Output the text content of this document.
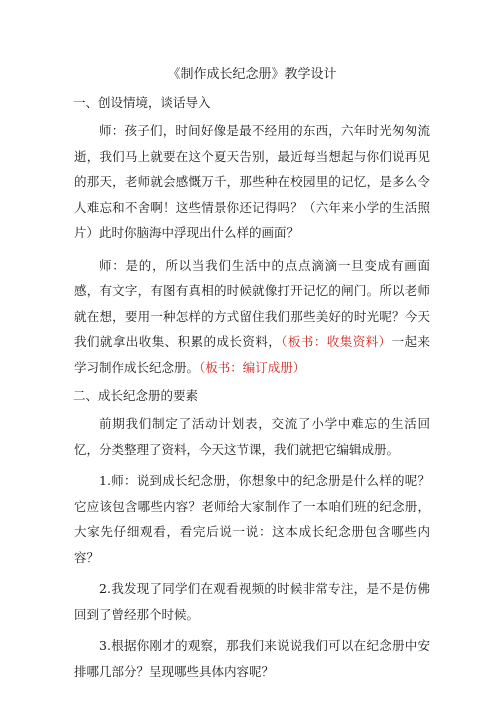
《制作成长纪念册》教学设计
一、创设情境，谈话导入

师：孩子们，时间好像是最不经用的东西，六年时光匆匆流逝，我们马上就要在这个夏天告别，最近每当想起与你们说再见的那天，老师就会感慨万千，那些种在校园里的记忆，是多么令人难忘和不舍啊！这些情景你还记得吗？（六年来小学的生活照片）此时你脑海中浮现出什么样的画面？

师：是的，所以当我们生活中的点点滴滴一旦变成有画面感，有文字，有图有真相的时候就像打开记忆的闸门。所以老师就在想，要用一种怎样的方式留住我们那些美好的时光呢？今天我们就拿出收集、积累的成长资料，（板书：收集资料）一起来学习制作成长纪念册。（板书：编订成册）

二、成长纪念册的要素

前期我们制定了活动计划表，交流了小学中难忘的生活回忆，分类整理了资料，今天这节课，我们就把它编辑成册。

1.师：说到成长纪念册，你想象中的纪念册是什么样的呢？它应该包含哪些内容？老师给大家制作了一本咱们班的纪念册，大家先仔细观看，看完后说一说：这本成长纪念册包含哪些内容？

2.我发现了同学们在观看视频的时候非常专注，是不是仿佛回到了曾经那个时候。

3.根据你刚才的观察，那我们来说说我们可以在纪念册中安排哪几部分？呈现哪些具体内容呢？
